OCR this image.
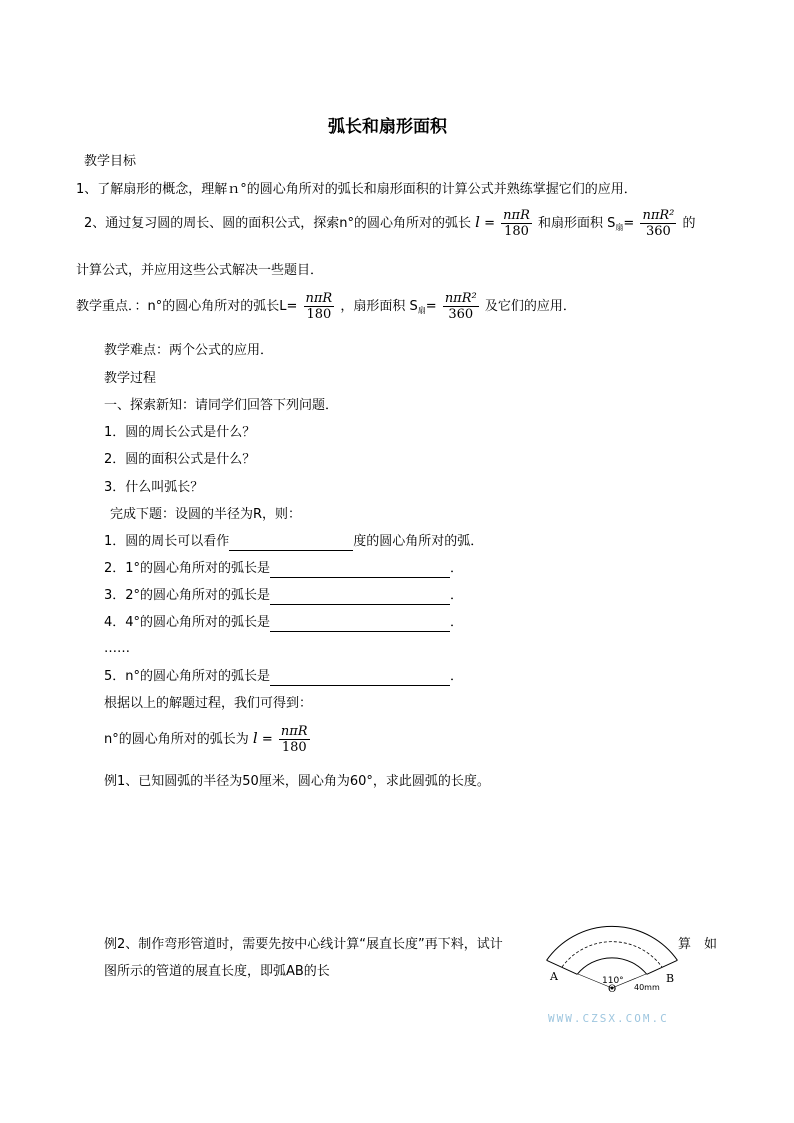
弧长和扇形面积
教学目标
1、了解扇形的概念，理解ｎ°的圆心角所对的弧长和扇形面积的计算公式并熟练掌握它们的应用．
2、通过复习圆的周长、圆的面积公式，探索n°的圆心角所对的弧长 $l = \frac{\text{nπR}}{180}$ 和扇形面积 $S_扇= \frac{\text{nπR²}}{360}$ 的
计算公式，并应用这些公式解决一些题目．
教学重点．：n°的圆心角所对的弧长$L= \frac{\text{nπR}}{180}$ ，扇形面积 $S_扇= \frac{\text{nπR²}}{360}$ 及它们的应用．
教学难点：两个公式的应用．
教学过程
一、探索新知：请同学们回答下列问题．
1．圆的周长公式是什么？
2．圆的面积公式是什么？
3．什么叫弧长？
完成下题：设圆的半径为R，则：
1．圆的周长可以看作	度的圆心角所对的弧．
2．1°的圆心角所对的弧长是	．
3．2°的圆心角所对的弧长是	．
4．4°的圆心角所对的弧长是	．
……
5．n°的圆心角所对的弧长是	．
根据以上的解题过程，我们可得到：
n°的圆心角所对的弧长为 $l = \frac{\text{nπR}}{180}$
例1、已知圆弧的半径为50厘米，圆心角为60°，求此圆弧的长度。
例2、制作弯形管道时，需要先按中心线计算“展直长度”再下料，试计	算 如
图所示的管道的展直长度，即弧AB的长	A	B
O
110°
40mm
WWW.CZSX.COM.C
